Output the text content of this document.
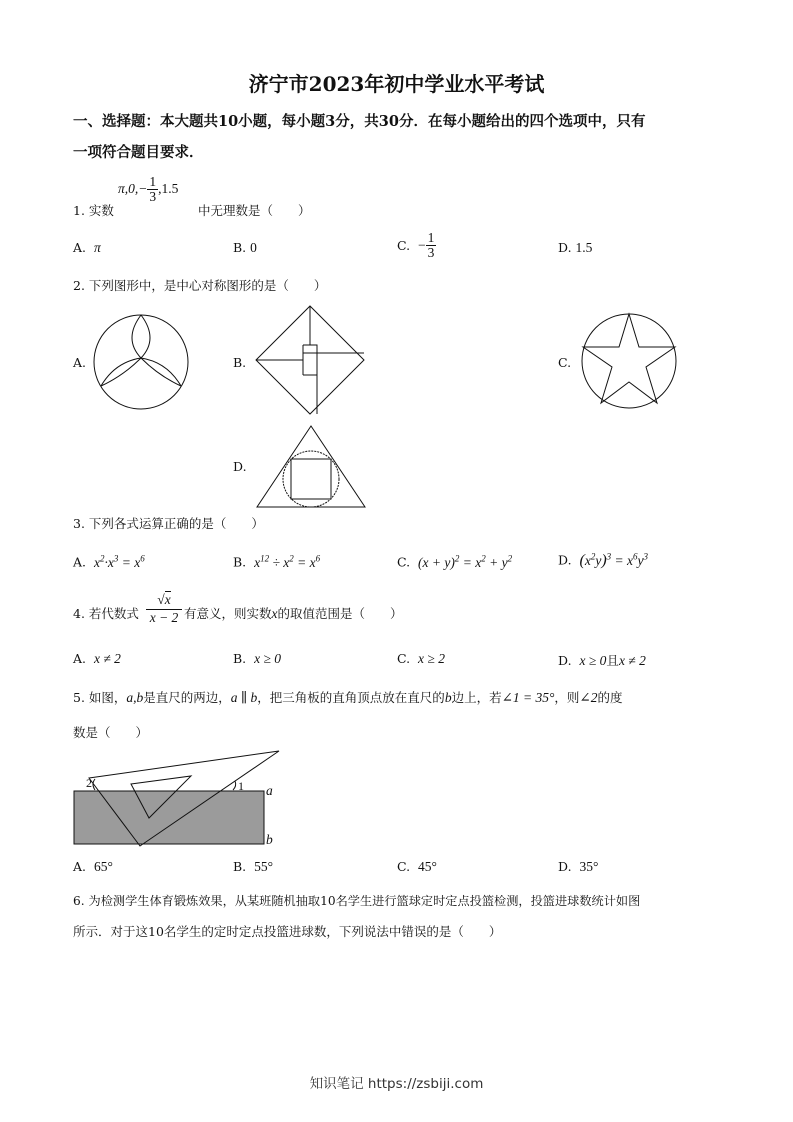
济宁市2023年初中学业水平考试
一、选择题：本大题共10小题，每小题3分，共30分．在每小题给出的四个选项中，只有
一项符合题目要求．
1. 实数
$\pi,0,- \frac{1}{3} ,1.5$
中无理数是（　　）
A. π	B. 0	C. − $\frac{1}{3}$	D. 1.5
2. 下列图形中，是中心对称图形的是（　　）
A.	B.	C.
D.
3. 下列各式运算正确的是（　　）
A. $x^2\cdot x^3 = x^6$	B. $x^{12} \div x^2 = x^6$	C. $(x + y)^2 = x^2 + y^2$	D. $(x^2y)^3 = x^6y^3$
4. 若代数式
√x
x − 2 有意义，则实数x的取值范围是（　　）
A. x ≠ 2	B. x ≥ 0	C. x ≥ 2	D. x ≥ 0且x ≠ 2
5. 如图，a,b是直尺的两边，a ∥ b，把三角板的直角顶点放在直尺的b边上，若∠1 = 35°，则∠2的度
数是（　　）
a
b
1
2
A. 65°	B. 55°	C. 45°	D. 35°
6. 为检测学生体育锻炼效果，从某班随机抽取10名学生进行篮球定时定点投篮检测，投篮进球数统计如图
所示．对于这10名学生的定时定点投篮进球数，下列说法中错误的是（　　）
知识笔记 https://zsbiji.com
